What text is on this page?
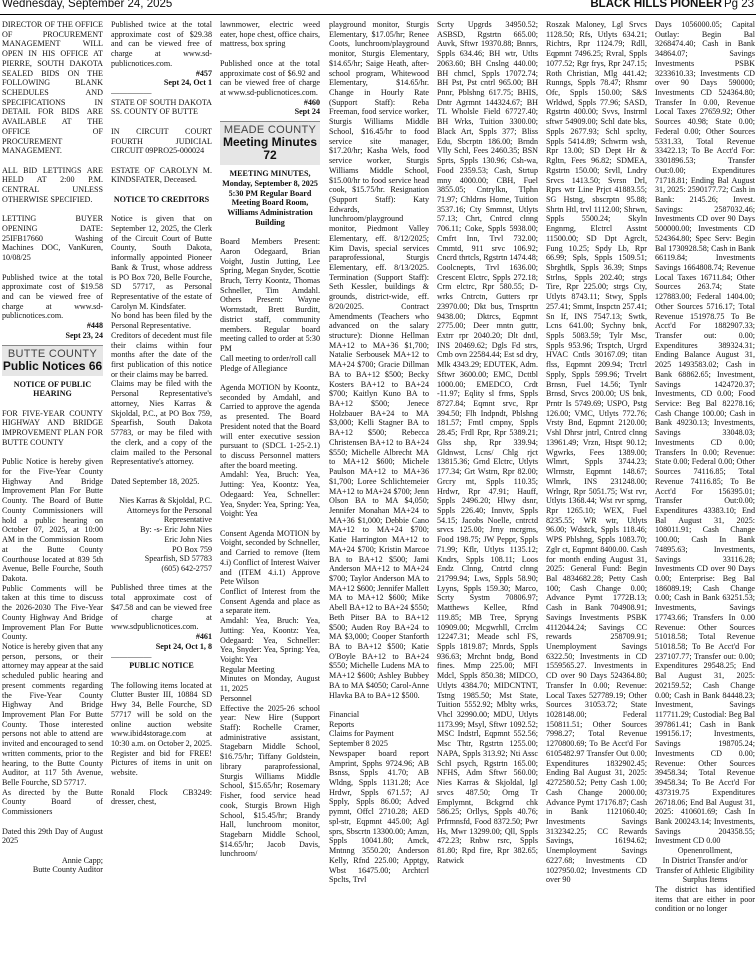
Wednesday, September 24, 2025	BLACK HILLS PIONEER Pg 23

DIRECTOR OF THE OFFICE OF PROCUREMENT MANAGEMENT WILL OPEN IN HIS OFFICE AT PIERRE, SOUTH DAKOTA SEALED BIDS ON THE FOLLOWING BLANK SCHEDULES AND SPECIFICATIONS IN DETAIL FOR BIDS ARE AVAILABLE AT THE OFFICE OF PROCUREMENT MANAGEMENT.

ALL BID LETTINGS ARE HELD AT 2:00 P.M. CENTRAL UNLESS OTHERWISE SPECIFIED.

LETTING BUYER OPENING DATE: 25IFB17660 Washing Machines DOC, VanKuren, 10/08/25

Published twice at the total approximate cost of $19.58 and can be viewed free of charge at www.sd-publicnotices.com.

#448

Sept 23, 24

BUTTE COUNTY
Public Notices 66

NOTICE OF PUBLIC HEARING

FOR FIVE-YEAR COUNTY HIGHWAY AND BRIDGE IMPROVEMENT PLAN FOR BUTTE COUNTY

Public Notice is hereby given for the Five-Year County Highway And Bridge Improvement Plan For Butte County. The Board of Butte County Commissioners will hold a public hearing on October 07, 2025, at 10:00 AM in the Commission Room at the Butte County Courthouse located at 839 5th Avenue, Belle Fourche, South Dakota.

Public Comments will be taken at this time to discuss the 2026-2030 The Five-Year County Highway And Bridge Improvement Plan For Butte County.

Notice is hereby given that any person, persons, or their attorney may appear at the said scheduled public hearing and present comments regarding the Five-Year County Highway And Bridge Improvement Plan For Butte County. Those interested persons not able to attend are invited and encouraged to send written comments, prior to the hearing, to the Butte County Auditor, at 117 5th Avenue, Belle Fourche, SD 57717.

As directed by the Butte County Board of Commissioners

Dated this 29th Day of August 2025

Annie Capp;

Butte County Auditor

Published twice at the total approximate cost of $29.38 and can be viewed free of charge at www.sd-publicnotices.com.

#457

Sept 24, Oct 1

—————

STATE OF SOUTH DAKOTA SS. COUNTY OF BUTTE

IN CIRCUIT COURT FOURTH JUDICIAL CIRCUIT 09PRO25-000024

ESTATE OF CAROLYN M. KINDSFATER, Deceased.

NOTICE TO CREDITORS

Notice is given that on September 12, 2025, the Clerk of the Circuit Court of Butte County, South Dakota, informally appointed Pioneer Bank & Trust, whose address is PO Box 720, Belle Fourche, SD 57717, as Personal Representative of the estate of Carolyn M. Kindsfater.

No bond has been filed by the Personal Representative.

Creditors of decedent must file their claims within four months after the date of the first publication of this notice or their claims may be barred.

Claims may be filed with the Personal Representative's attorney, Nies Karras & Skjoldal, P.C., at PO Box 759, Spearfish, South Dakota 57783, or may be filed with the clerk, and a copy of the claim mailed to the Personal Representative's attorney.

Dated September 18, 2025.

Nies Karras & Skjoldal, P.C.

Attorneys for the Personal Representative

By: -s- Eric John Nies

Eric John Nies

PO Box 759

Spearfish, SD 57783

(605) 642-2757

Published three times at the total approximate cost of $47.58 and can be viewed free of charge at www.sdpublicnotices.com.

#461

Sept 24, Oct 1, 8

—————

PUBLIC NOTICE

The following items located at Clutter Buster III, 10884 SD Hwy 34, Belle Fourche, SD 57717 will be sold on the online auction website www.ibid4storage.com at 10:30 a.m. on October 2, 2025. Register and bid for FREE! Pictures of items in unit on website.

Ronald Flock CB3249: dresser, chest,

lawnmower, electric weed eater, hope chest, office chairs, mattress, box spring

Published once at the total approximate cost of $6.92 and can be viewed free of charge at www.sd-publicnotices.com.

#460

Sept 24

MEADE COUNTY
Meeting Minutes 72

MEETING MINUTES, Monday, September 8, 2025 5:30 PM Regular Board Meeting Board Room, Williams Administration Building

Board Members Present: Aaron Odegaard, Brian Voight, Justin Jutting, Lee Spring, Megan Snyder, Scottie Bruch, Terry Koontz, Thomas Schneller, Tim Amdahl. Others Present: Wayne Wormstadt, Brett Burditt, district staff, community members. Regular board meeting called to order at 5:30 PM

Call meeting to order/roll call

Pledge of Allegiance

Agenda MOTION by Koontz, seconded by Amdahl, and Carried to approve the agenda as presented. The Board President noted that the Board will enter executive session pursuant to (SDCL 1-25-2.1) to discuss Personnel matters after the board meeting.

Amdahl: Yea, Bruch: Yea, Jutting: Yea, Koontz: Yea, Odegaard: Yea, Schneller: Yea, Snyder: Yea, Spring: Yea, Voight: Yea

Consent Agenda MOTION by Voight, seconded by Schneller, and Carried to remove (Item 4.i) Conflict of Interest Waiver and (ITEM 4.i.1) Approve Pete Wilson

Conflict of Interest from the Consent Agenda and place as a separate item.

Amdahl: Yea, Bruch: Yea, Jutting: Yea, Koontz: Yea, Odegaard: Yea, Schneller: Yea, Snyder: Yea, Spring: Yea, Voight: Yea

Regular Meeting

Minutes on Monday, August 11, 2025

Personnel

Effective the 2025-26 school year: New Hire (Support Staff): Rochelle Cramer, administrative assistant, Stagebarn Middle School, $16.75/hr; Tiffany Goldstein, library paraprofessional, Sturgis Williams Middle School, $15.65/hr; Rosemary Fisher, food service head cook, Sturgis Brown High School, $15.45/hr; Brandy Hall, lunchroom monitor, Stagebarn Middle School, $14.65/hr; Jacob Davis, lunchroom/

playground monitor, Sturgis Elementary, $17.05/hr; Renee Coots, lunchroom/playground monitor, Sturgis Elementary, $14.65/hr; Saige Heath, after-school program, Whitewood Elementary, $14.65/hr. Change in Hourly Rate (Support Staff): Reba Freeman, food service worker, Sturgis Williams Middle School, $16.45/hr to food service site manager, $17.20/hr; Kasha Wels, food service worker, Sturgis Williams Middle School, $15.00/hr to food service head cook, $15.75/hr. Resignation (Support Staff): Katy Edwards, lunchroom/playground monitor, Piedmont Valley Elementary, eff. 8/12/2025; Kim Davis, special services paraprofessional, Sturgis Elementary, eff. 8/13/2025. Termination (Support Staff): Seth Kessler, buildings & grounds, district-wide, eff. 8/20/2025. Contract Amendments (Teachers who advanced on the salary structure): Dionne Hellman MA+12 to MA+36 $1,700; Natalie Serbousek MA+12 to MA+24 $700; Gracie Dillman BA to BA+12 $500; Becky Kosters BA+12 to BA+24 $700; Kaitlyn Kuno BA to BA+12 $500; Jenece Holzbauer BA+24 to MA $3,000; Kelli Stagner BA to BA+12 $500; Rebecca Christensen BA+12 to BA+24 $550; Michelle Albrecht MA to MA+12 $600; Michele Paulson MA+12 to MA+36 $1,700; Loree Schlichtemeier MA+12 to MA+24 $700; Jenn Olson BA to MA $4,050; Jennifer Monahan MA+24 to MA+36 $1,000; Debbie Cano MA+12 to MA+24 $700; Katie Harrington MA+12 to MA+24 $700; Kristin Marcoe BA to BA+12 $500; Jami Anderson MA+12 to MA+24 $700; Taylor Anderson MA to MA+12 $600; Jennifer Mallett MA to MA+12 $600; Mike Abell BA+12 to BA+24 $550; Beth Pitser BA to BA+12 $500; Auden Roy BA+24 to MA $3,000; Cooper Stanforth BA to BA+12 $500; Katie O'Boyle BA+12 to BA+24 $550; Michelle Ludens MA to MA+12 $600; Ashley Bubbey BA to MA $4050; Carol-Anne Hlavka BA to BA+12 $500.

Financial

Reports

Claims for Payment

September 8 2025

Newspaper board report Amprint, Spphs 9724.96; AB Bsnss, Sppls 41.70; AB Wldng, Sppls 1131.28; Ace Hrdwr, Sppls 671.57; AJ Spply, Sppls 86.00; Adved pymnt, Offcl 2710.28; AED spl-str, Eqpmnt 445.00; Agl sprs, Sbscrtn 13300.00; Amzn, Sppls 10041.80; Amck, Mntnng 3550.20; Anderson Kelly, Rfnd 225.00; Apptgy, Wbst 16475.00; Archtcrl Spclts, Trvl

Scrty Upgrds 34950.52; ASBSD, Rgstrtn 665.00; Auvk, Sftwr 19370.88; Bnnrs, Sppls 634.46; BH wtr, Utlts 2063.60; BH Cnslng 440.00; BH chmcl, Sppls 17072.74; BH Pst, Pst cntrl 965.00; BH Pnnr, Pblshng 617.75; BHIS, Dntr Agrmnt 144324.67; BH TL Wholsle Field 67727.40; BH Wrks, Tuition 3300.00; Black Art, Sppls 377; Bliss Edu, Sbcrptn 186.00; Brndn Vlly Schl, Fees 2460.35; BSN Sprts, Sppls 130.96; Csh-wa, Food 2359.53; Cash, Strtup mny 4000.00; CBH, Fuel 3855.05; Cntrylkn, Tlphn 71.97; Chldrns Home, Tuition 3537.16; Cty Smmnst, Utlyts 57.13; Chrt, Cntrcd clnng 706.11; Coke, Sppls 5938.00; Cmfrt Inn, Trvl 732.00; Cmmtd, 911 srvc 106.92; Cncrd thrtcls, Rgstrtn 1474.48; Coolcnepts, Trvl 1636.00; Crescent Elctrc, Sppls 272.18; Crm elctrc, Rpr 580.55; D-wrks Cntrctn, Gutters rpr 23970.00; Dkt bus, Trnsprttn 9438.00; Dktrcs, Eqpmnt 2775.00; Deer mntn guttr, Extrr rpr 2040.20; Dlt dntl, INS 20469.62; Dgls Fd strs, Cmb ovn 22584.44; Est sd dry, Mlk 4343.29; EDUTEK, Adm. Sftwr 3600.00; EMC, Dcttbl 1000.00; EMEDCO, Crdt -11.97; Eqlity sl frms, Sppls 8727.84; Eqmnt srvc, Rpr 394.50; Flh Indpndt, Pblshng 181.57; Fmtl cmpny, Sppls 28.45; Frdl Rpr, Rpr 5389.21; Glss shp, Rpr 339.94; Gldnwst, Lcns/ Chlg rjct 13815.36; Grnd Elctrc, Utlyts 177.34; Grt Wstrn, Rpr 82.00; Grcry mt, Sppls 110.35; Hrdwr, Rpr 47.91; Hauff, Sppls 2496.20; Hlwy dsnr, Sppls 226.40; Innvtv, Sppls 54.15; Jacobs Noelle, cntrctd srvcs 125.00; Jrny mcrgrns, Food 198.75; JW Peppr, Sppls 71.99; Kflr, Utlyts 1135.12; Kndrs, Sppls 108.11; Loos Endz Clnng, Cntrtd clnng 21799.94; Lws, Sppls 58.90; Lyyns, Sppls 159.30; Marco, Scrty Systm 70806.97; Matthews Kellee, Rfnd 119.85; MB Tree, Spryng 10909.00; Mcgwrhll, Crrclm 12247.31; Meade schl FS, Sppls 1819.87; Mnrds, Sppls 936.63; Mrchnt bndg, Bond fines. Mmp 225.00; MFI Mdcl, Sppls 850.38; MIDCO, Utlyts 4384.70; MIDCNTNT, Tstng 1985.50; Mst State, Tuition 5552.92; Mblty wrks, Vhcl 32990.00; MDU, Utlyts 1173.99; Msyl, Sftwr 1092.52; MSC Indstrl, Eqpmnt 552.56; Msc Thtr, Rgstrtn 1255.00; NAPA, Sppls 313.92; Nti Assc Schl psych, Rgstrtn 165.00; NFHS, Adm Sftwr 560.00; Nies Karras & Skjoldal, lgl srvcs 487.50; Orng Tr Emplymnt, Bckgrnd chk 586.25; Orllys, Sppls 40.76; Prfrmnsfd, Food 8372.50; Pwr Hs, Mwr 13299.00; Qll, Sppls 472.23; Rnbw rsrc, Sppls 81.80; Rpd fire, Rpr 382.65; Ratwick

Roszak Maloney, Lgl Srvcs 1128.50; Rfs, Utlyts 634.21; Richtrs, Rpr 1124.79; Rdll, Eqpmnt 7496.25; Rvral, Sppls 1077.52; Rgr frys, Rpr 247.15; Roth Christian, Mlg 441.42; Runngs, Sppls 78.47; Rhsmr Ofc, Sppls 150.00; S&S Wrldwd, Sppls 77.96; SASD, Rgstrtn 400.00; Svvs, Instrml sftwr 54909.00; Schl date bks, Sppls 2677.93; Schl spclty, Sppls 5414.89; Schwrm wsh, Rpr 13.00; SD Dept Hr & Rgltn, Fees 96.82; SDMEA, Rgstrtn 150.00; Srvll, Lndry Srvcs 1413.50; Svrsn Drl, Rprs wtr Line Prjct 41883.55; SG Hstng, sbscrptn 95.88; Shrtn Htl, trvl 1112.00; Shrwn, Sppls 5500.24; Skyln Engnrng, Elctrcl Asstnt 11500.00; SD Dpt Agrclt, Fung 10.25; Spdy Lb, Rpr 66.99; Spls, Sppls 1509.51; Sbrghtlk, Sppls 36.39; Stnps Strlns, Sppls 202.40; strgs Tire, Rpr 225.00; strgs Cty, Utlyts 8743.11; Stwy, Sppls 257.41; Smmt, Inspctn 257.41; Sn If, INS 7547.13; Swtk, Lcns 641.00; Sychny bnk, Sppls 5083.59; Tylr Msc, Sppls 953.96; Trsptch, Urgrd HVAC Cntls 30167.09; titan flss, Eqpmnt 209.94; Trctrl Spply, Sppls 599.96; Trvelrt Brnsn, Fuel 14.56; Tynlr Brnsd, Srvcs 200.00; US bnk, Prntr Is 5749.69; USPO, Pstg 126.00; VMC, Utlyts 772.76; Vrsty Bnd, Eqpmnt 2120.00; Vshl Dhrsr jntrl, Cntrcd clnng 13961.49; Vrzn, Htspt 90.12; Wgwrks, Fees 1389.00; Wlmrt, Sppls 3744.23; Wlrmstr, Eqpmnt 148.67; Wlmrk, INS 231248.00; Wrlngr, Rpr 5051.75; Wst rvr, Utlyts 1368.44; Wst rvr sprng, Rpr 1265.10; WEX, Fuel 8235.55; WR wtr, Utlyts 96.00; Wdstck, Sppls 118.46; WPS Pblshng, Sppls 1083.70; Zglr ct, Eqpmnt 8400.00. Cash for month ending August 31, 2025: General Fund: Begin Bal 4834682.28; Petty Cash 100; Cash Change 0.00; Advance Pymt 1772B.13; Cash in Bank 704908.91; Savings Investments PSBK 4112044.24; Savings CC rewards 258709.91; Unemployment Savings 6322.50; Investments in CD 1559565.27. Investments in CD over 90 Days 524364.80; Transfer In 0.00; Revenue: Local Taxes 527789.19; Other Sources 31053.72; State 1028148.00; Federal 150811.51; Other Sources 7998.27; Total Revenue 1270800.69; To Be Acct'd For 6105482.97 Transfer Out 0.00; Expenditures 1832902.45; Ending Bal August 31, 2025: 4272580.52; Petty Cash 1.00; Cash Change 2000.00; Advance Pymt 17176.87; Cash in Bank 1121060.40; Investments Savings 3132342.25; CC Rewards Savings, 16194.62; Unemployment Savings 6227.68; Investments CD 1027950.02; Investments CD over 90

Days 1056000.05; Capital Outlay: Begin Bal 3268474.40; Cash in Bank 34864.07; Savings Investments PSBK 3233610.33; Investments CD over 90 Days 590000; Investments CD 524364.80; Transfer In 0.00, Revenue Local Taxes 27659.92; Other Sources 40.98; State 0.00; Federal 0.00; Other Sources 5331.33, Total Revenue 33422.13; To Be Acct'd For: 3301896.53; Transfer Out:0.00; Expenditures 71718.81; Ending Bal August 31, 2025: 2590177.72; Cash in Bank: 2145.26; Invest. Savings: 2587032.46; Investments CD over 90 Days 500000.00; Investments CD 524364.80; Spec Serv: Begin Bal 1730928.58; Cash in Bank 66119.84; Investments Savings 1664808.74; Revenue Local Taxes 16711.84; Other Sources 263.74; State 127883.00; Federal 1404.00; Other Sources 5716.17; Total Revenue 151978.75 To Be Acct'd For 1882907.33; Transfer out: 0.00; Expenditures 389324.31; Ending Balance August 31, 2025 1493583.02; Cash in Bank 68862.65; Investment, Savings 1424720.37; Investments, CD 0.00; Food Service: Beg Bal 82278.16; Cash Change 100.00; Cash in Bank 49230.13; Investments, Savings 33048.03; Investments CD 0.00; Transfers In 0.00; Revenue: State 0.00; Federal 0.00; Other Sources 74116.85; Total Revenue 74116.85; To Be Acct'd For 156395.01; Transfer Out:0.00; Expenditures 43383.10; End Bal August 31, 2025: 108011.91; Cash Change 100.00; Cash In Bank 74895.63; Investments, Savings 33116.28; Investments CD over 90 Days 0.00; Enterprise: Beg Bal 186089.19; Cash Change 0.00; Cash in Bank 63251.53; Investments, Savings 17743.66; Transfers In 0.00 Revenue: Other Sources 51018.58; Total Revenue 51018.58; To Be Acct'd For 237107.77; Transfer out: 0.00; Expenditures 29548.25; End Bal August 31, 2025: 202159.52; Cash Change 0.00; Cash in Bank 84448.23; Investment, Savings 117711.29; Custodial: Beg Bal 397861.41; Cash in Bank 199156.17; Investments, Savings 198705.24; Investments CD 0.00; Revenue: Other Sources 39458.34; Total Revenue 39458.34; To Be Acct'd For 437319.75 Expenditures 26718.06; End Bal August 31, 2025: 410601.69; Cash In Bank 200243.14; Investments, Savings 204358.55; Investment CD 0.00

Openenrollment,

In District Transfer and/or Transfer of Athletic Eligibility

Surplus Items

The district has identified items that are either in poor condition or no longer
